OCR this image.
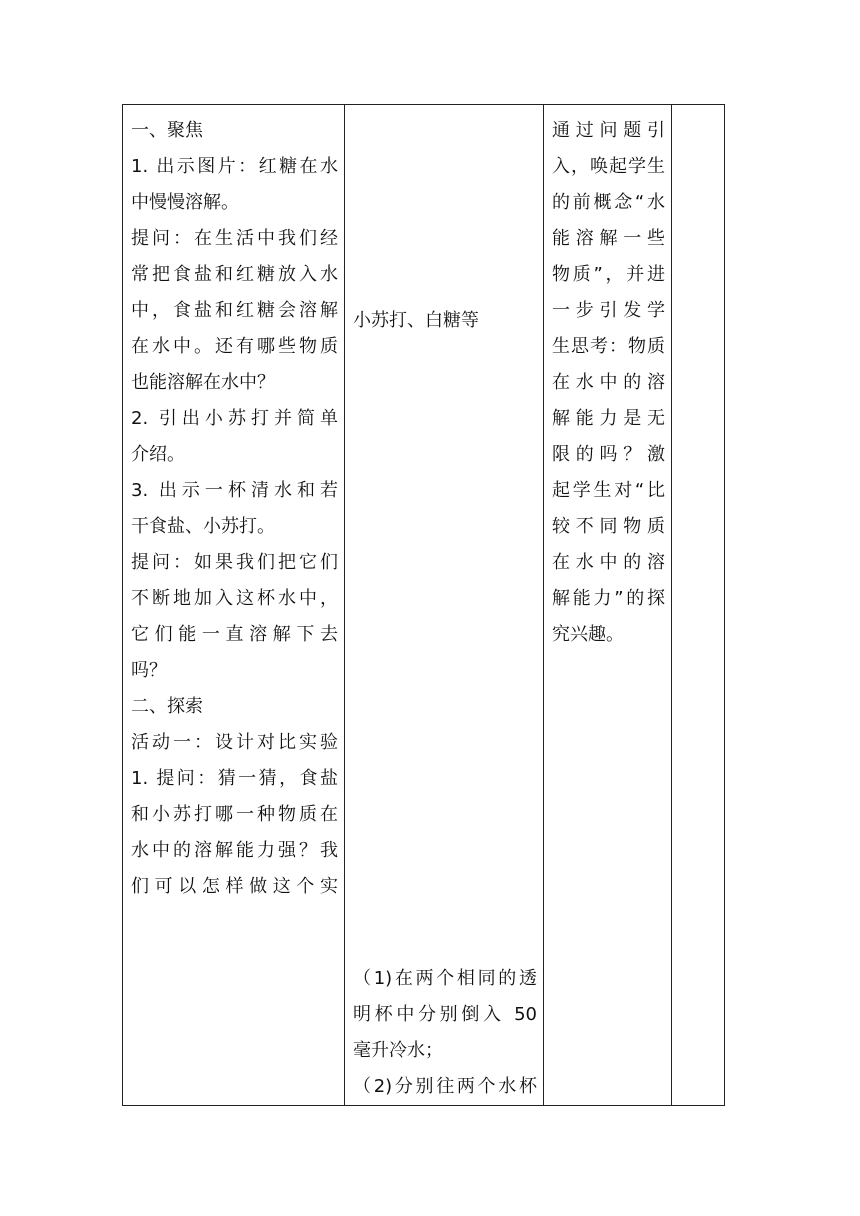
一、聚焦
1. 出示图片：红糖在水
中慢慢溶解。
提问：在生活中我们经
常把食盐和红糖放入水
中，食盐和红糖会溶解
在水中。还有哪些物质
也能溶解在水中？
2. 引出小苏打并简单
介绍。
3. 出示一杯清水和若
干食盐、小苏打。
提问：如果我们把它们
不断地加入这杯水中，
它们能一直溶解下去
吗？
二、探索
活动一：设计对比实验
1. 提问：猜一猜，食盐
和小苏打哪一种物质在
水中的溶解能力强？我
们可以怎样做这个实

小苏打、白糖等
（1)在两个相同的透
明杯中分别倒入 50
毫升冷水；
（2)分别往两个水杯

通过问题引
入，唤起学生
的前概念“水
能溶解一些
物质”，并进
一步引发学
生思考：物质
在水中的溶
解能力是无
限的吗？激
起学生对“比
较不同物质
在水中的溶
解能力”的探
究兴趣。
